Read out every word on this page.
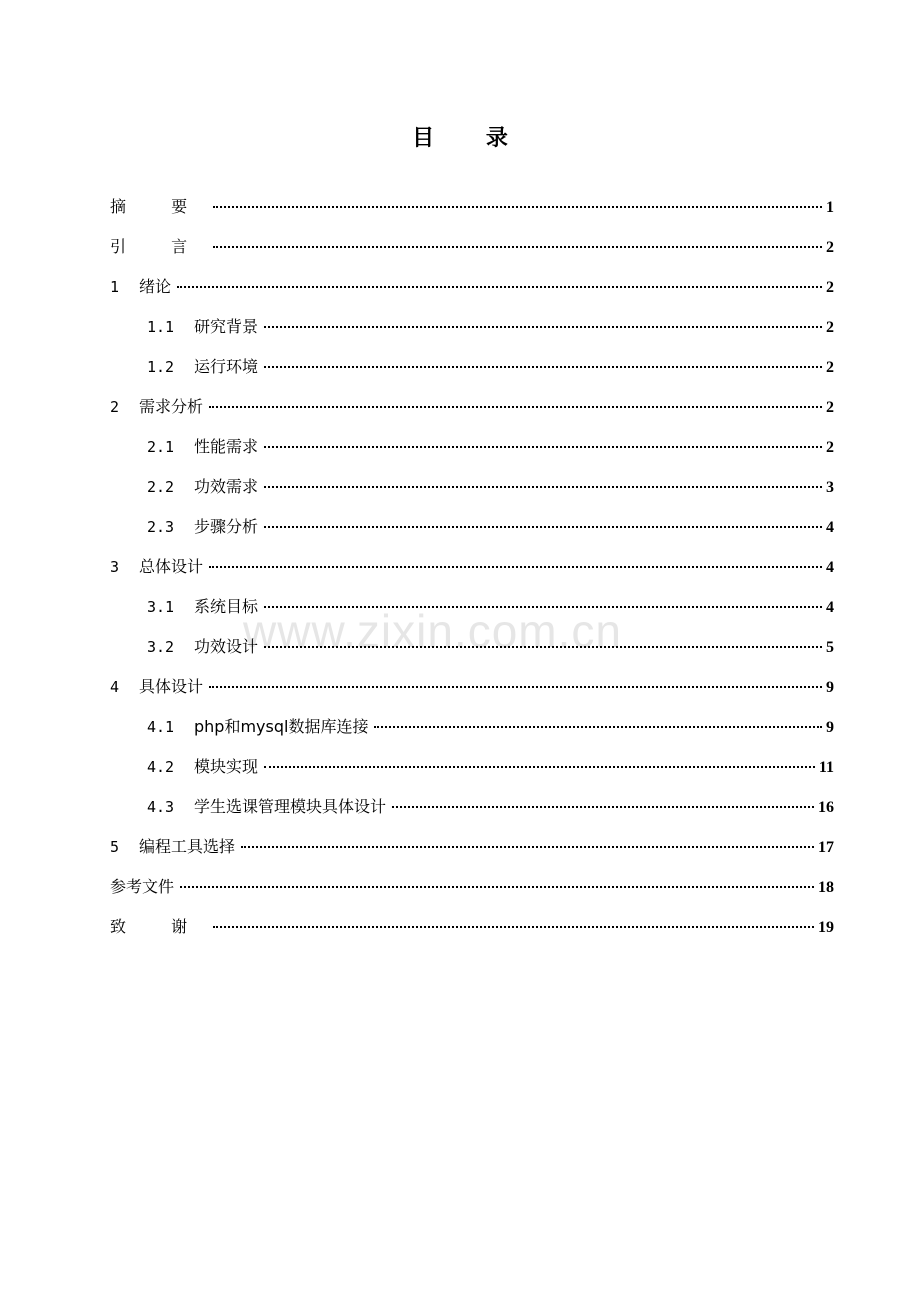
目 录
www.zixin.com.cn
摘 要	1
引 言	2
1	绪论	2
1.1	研究背景	2
1.2	运行环境	2
2	需求分析	2
2.1	性能需求	2
2.2	功效需求	3
2.3	步骤分析	4
3	总体设计	4
3.1	系统目标	4
3.2	功效设计	5
4	具体设计	9
4.1	php和mysql数据库连接	9
4.2	模块实现	11
4.3	学生选课管理模块具体设计	16
5	编程工具选择	17
参考文件	18
致 谢	19
